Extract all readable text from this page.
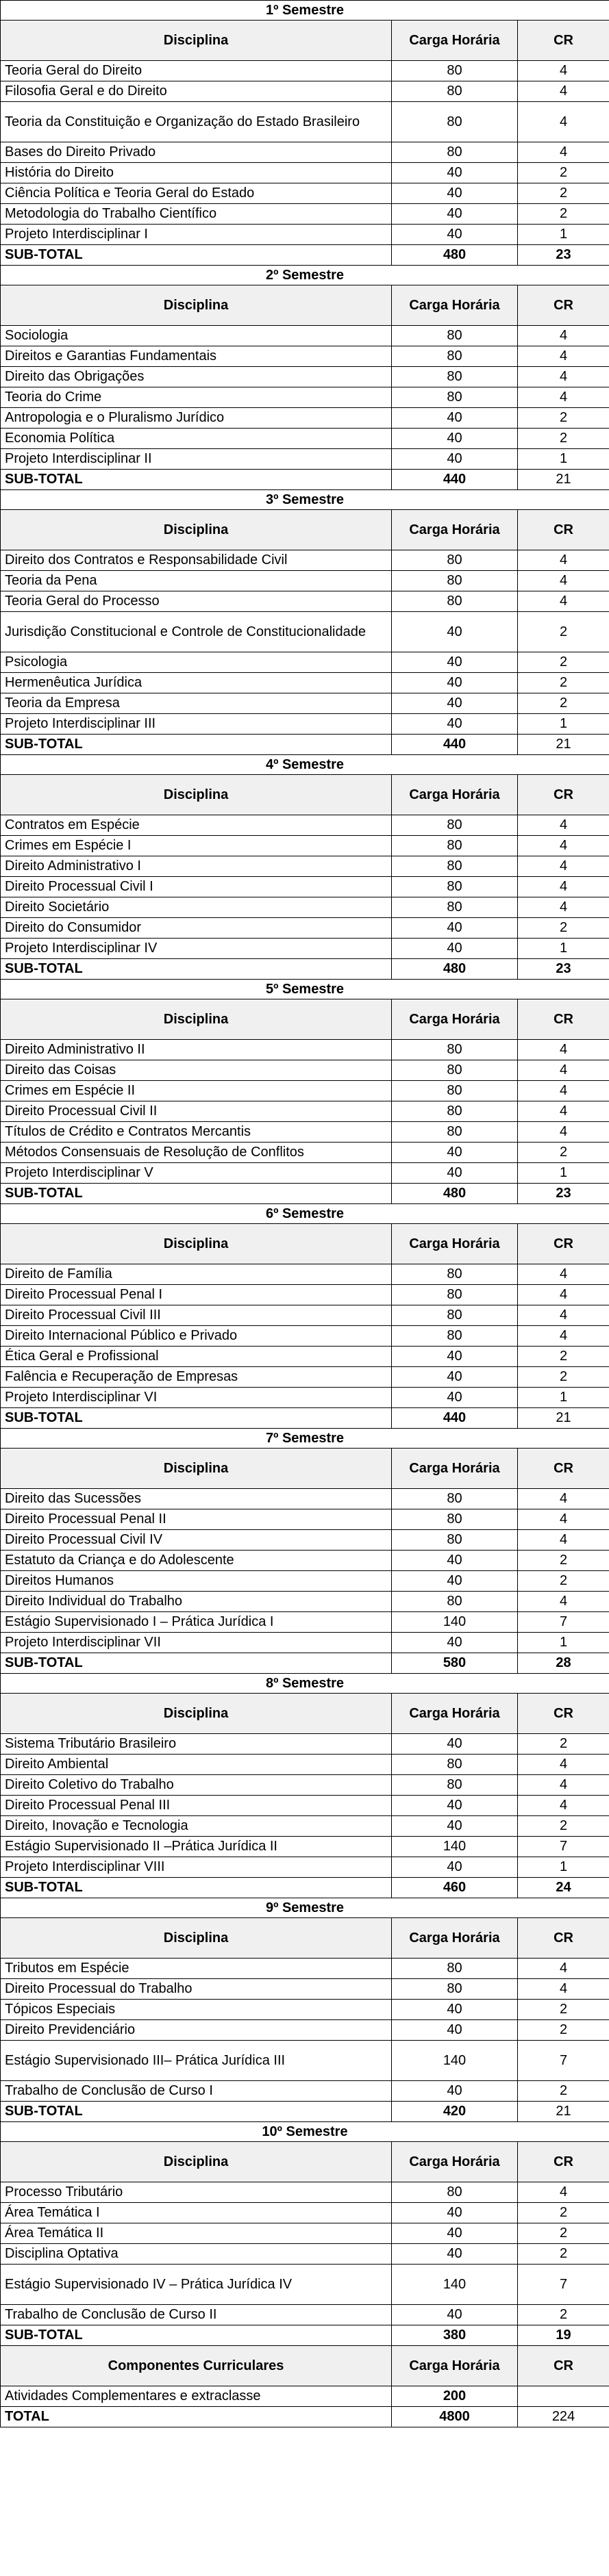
1º Semestre		
Disciplina	Carga Horária	CR
Teoria Geral do Direito	80	4
Filosofia Geral e do Direito	80	4
Teoria da Constituição e Organização do Estado Brasileiro	80	4
Bases do Direito Privado	80	4
História do Direito	40	2
Ciência Política e Teoria Geral do Estado	40	2
Metodologia do Trabalho Científico	40	2
Projeto Interdisciplinar I	40	1
SUB-TOTAL	480	23
2º Semestre		
Disciplina	Carga Horária	CR
Sociologia	80	4
Direitos e Garantias Fundamentais	80	4
Direito das Obrigações	80	4
Teoria do Crime	80	4
Antropologia e o Pluralismo Jurídico	40	2
Economia Política	40	2
Projeto Interdisciplinar II	40	1
SUB-TOTAL	440	21
3º Semestre		
Disciplina	Carga Horária	CR
Direito dos Contratos e Responsabilidade Civil	80	4
Teoria da Pena	80	4
Teoria Geral do Processo	80	4
Jurisdição Constitucional e Controle de Constitucionalidade	40	2
Psicologia	40	2
Hermenêutica Jurídica	40	2
Teoria da Empresa	40	2
Projeto Interdisciplinar III	40	1
SUB-TOTAL	440	21
4º Semestre		
Disciplina	Carga Horária	CR
Contratos em Espécie	80	4
Crimes em Espécie I	80	4
Direito Administrativo I	80	4
Direito Processual Civil I	80	4
Direito Societário	80	4
Direito do Consumidor	40	2
Projeto Interdisciplinar IV	40	1
SUB-TOTAL	480	23
5º Semestre		
Disciplina	Carga Horária	CR
Direito Administrativo II	80	4
Direito das Coisas	80	4
Crimes em Espécie II	80	4
Direito Processual Civil II	80	4
Títulos de Crédito e Contratos Mercantis	80	4
Métodos Consensuais de Resolução de Conflitos	40	2
Projeto Interdisciplinar V	40	1
SUB-TOTAL	480	23
6º Semestre		
Disciplina	Carga Horária	CR
Direito de Família	80	4
Direito Processual Penal I	80	4
Direito Processual Civil III	80	4
Direito Internacional Público e Privado	80	4
Ética Geral e Profissional	40	2
Falência e Recuperação de Empresas	40	2
Projeto Interdisciplinar VI	40	1
SUB-TOTAL	440	21
7º Semestre		
Disciplina	Carga Horária	CR
Direito das Sucessões	80	4
Direito Processual Penal II	80	4
Direito Processual Civil IV	80	4
Estatuto da Criança e do Adolescente	40	2
Direitos Humanos	40	2
Direito Individual do Trabalho	80	4
Estágio Supervisionado I – Prática Jurídica I	140	7
Projeto Interdisciplinar VII	40	1
SUB-TOTAL	580	28
8º Semestre		
Disciplina	Carga Horária	CR
Sistema Tributário Brasileiro	40	2
Direito Ambiental	80	4
Direito Coletivo do Trabalho	80	4
Direito Processual Penal III	40	4
Direito, Inovação e Tecnologia	40	2
Estágio Supervisionado II –Prática Jurídica II	140	7
Projeto Interdisciplinar VIII	40	1
SUB-TOTAL	460	24
9º Semestre		
Disciplina	Carga Horária	CR
Tributos em Espécie	80	4
Direito Processual do Trabalho	80	4
Tópicos Especiais	40	2
Direito Previdenciário	40	2
Estágio Supervisionado III– Prática Jurídica III	140	7
Trabalho de Conclusão de Curso I	40	2
SUB-TOTAL	420	21
10º Semestre		
Disciplina	Carga Horária	CR
Processo Tributário	80	4
Área Temática I	40	2
Área Temática II	40	2
Disciplina Optativa	40	2
Estágio Supervisionado IV – Prática Jurídica IV	140	7
Trabalho de Conclusão de Curso II	40	2
SUB-TOTAL	380	19
Componentes Curriculares	Carga Horária	CR
Atividades Complementares e extraclasse	200	
TOTAL	4800	224
